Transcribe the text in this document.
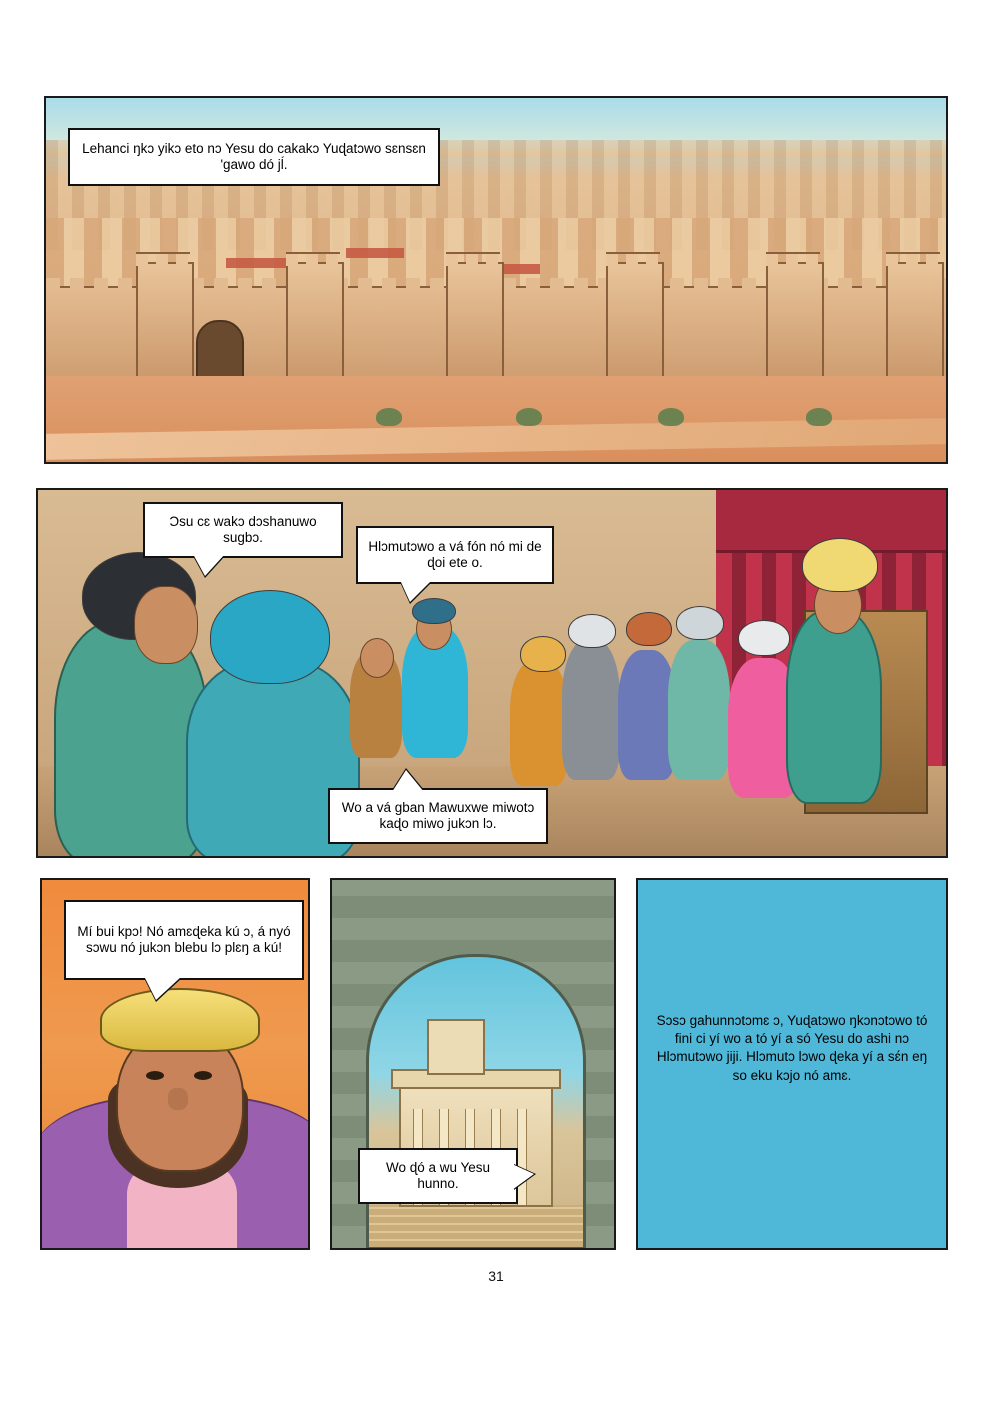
Lehanci ŋkɔ yikɔ eto nɔ Yesu do cakakɔ Yuɖatɔwo sɛnsɛn 'gawo dó jĺ.
Ɔsu cɛ wakɔ dɔshanuwo sugbɔ.
Hlɔmutɔwo a vá fón nó mi de ɖoi ete o.
Wo a vá gban Mawuxwe miwotɔ kaɖo miwo jukɔn lɔ.
Mí bui kpɔ! Nó amɛɖeka kú ɔ, á nyó sɔwu nó jukɔn blebu lɔ plɛŋ a kú!
Wo ɖó a wu Yesu hunno.
Sɔsɔ gahunnɔtɔmɛ ɔ, Yuɖatɔwo ŋkɔnɔtɔwo tó fini ci yí wo a tó yí a só Yesu do ashi nɔ Hlɔmutɔwo jiji. Hlɔmutɔ lɔwo ɖeka yí a sɛ́n eŋ so eku kɔjo nó amɛ.
31
